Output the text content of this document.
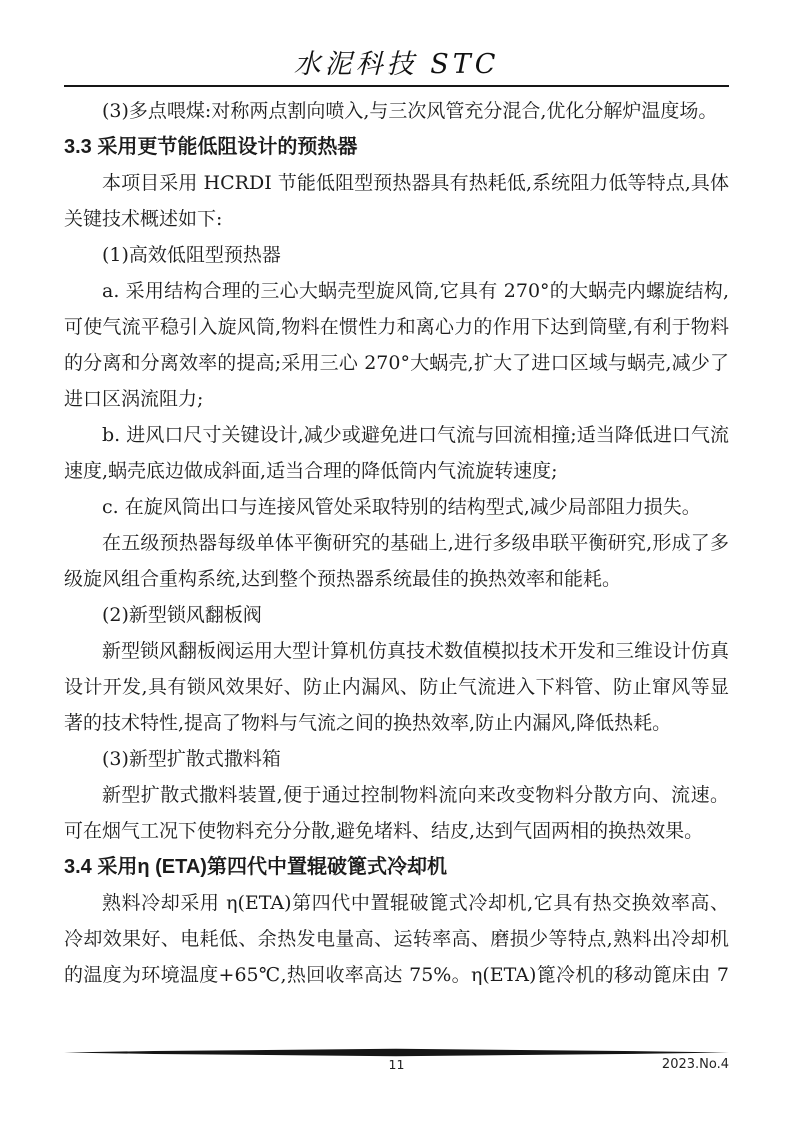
水泥科技 STC

(3)多点喂煤:对称两点割向喷入,与三次风管充分混合,优化分解炉温度场。

3.3 采用更节能低阻设计的预热器

本项目采用 HCRDI 节能低阻型预热器具有热耗低,系统阻力低等特点,具体关键技术概述如下:

(1)高效低阻型预热器

a. 采用结构合理的三心大蜗壳型旋风筒,它具有 270°的大蜗壳内螺旋结构,可使气流平稳引入旋风筒,物料在惯性力和离心力的作用下达到筒壁,有利于物料的分离和分离效率的提高;采用三心 270°大蜗壳,扩大了进口区域与蜗壳,减少了进口区涡流阻力;

b. 进风口尺寸关键设计,减少或避免进口气流与回流相撞;适当降低进口气流速度,蜗壳底边做成斜面,适当合理的降低筒内气流旋转速度;

c. 在旋风筒出口与连接风管处采取特别的结构型式,减少局部阻力损失。

在五级预热器每级单体平衡研究的基础上,进行多级串联平衡研究,形成了多级旋风组合重构系统,达到整个预热器系统最佳的换热效率和能耗。

(2)新型锁风翻板阀

新型锁风翻板阀运用大型计算机仿真技术数值模拟技术开发和三维设计仿真设计开发,具有锁风效果好、防止内漏风、防止气流进入下料管、防止窜风等显著的技术特性,提高了物料与气流之间的换热效率,防止内漏风,降低热耗。

(3)新型扩散式撒料箱

新型扩散式撒料装置,便于通过控制物料流向来改变物料分散方向、流速。可在烟气工况下使物料充分分散,避免堵料、结皮,达到气固两相的换热效果。

3.4 采用η (ETA)第四代中置辊破篦式冷却机

熟料冷却采用 η(ETA)第四代中置辊破篦式冷却机,它具有热交换效率高、冷却效果好、电耗低、余热发电量高、运转率高、磨损少等特点,熟料出冷却机的温度为环境温度+65℃,热回收率高达 75%。η(ETA)篦冷机的移动篦床由 7

11	2023.No.4
